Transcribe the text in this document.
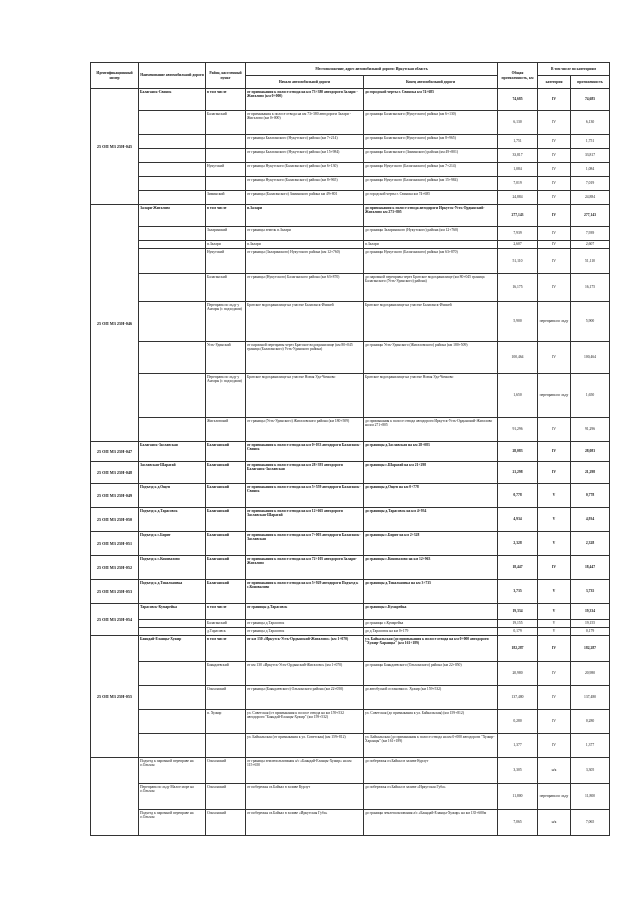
Идентификационный номер	Наименование автомобильной дороги	Район, населенный пункт	Местоположение, адрес автомобильной дороги: Иркутская область		Общая протяженность, км	В том числе по категориям	
			Начало автомобильной дороги	Конец автомобильной дороги		категория	протяженность
25 ОП МЗ 25Н-045	Балаганск-Свинск	в том числе	от примыкания к полосе отвода на км 73+380 автодороги Залари - Жигалово (км 0+000)	до городской черты г. Свинска км 74+685	74,685	IV	74,685
		Балаганский	от примыкания к полосе отвода на км 73+380 автодороги Залари - Жигалово (км 0+000)	до границы Балаганского (Нукутского) района (км 6+130)	6,130	IV	6,130
			от границы Балаганского (Нукутского) района (км 7+214)	до границы Балаганского (Нукутского) района (км 8+965)	1,751	IV	1,751
			от границы Балаганского (Нукутского) района (км 15+984)	до границы Балаганского (Зиминского) района (км 49+801)	33,817	IV	33,817
		Нукутский	от границы Нукутского (Балаганского) района (км 6+130)	до границы Нукутского (Балаганского) района (км 7+214)	1,084	IV	1,084
			от границы Нукутского (Балаганского) района (км 8+965)	до границы Нукутского (Балаганского) района (км 15+984)	7,019	IV	7,019
		Зиминский	от границы (Балаганского) Зиминского района км 49+801	до городской черты г. Свинска км 74+685	24,884	IV	24,884
25 ОП МЗ 25Н-046	Залари-Жигалово	в том числе	п.Залари	до примыкания к полосе отвода автодороги Иркутск-Усть-Ордынский-Жигалово км 273+805	277,143	IV	277,143
		Заларинский	от границы земель п.Залари	до границы Заларинского (Нукутского) района (км 12+760)	7,939	IV	7,939
		п.Залари	п.Залари	п.Залари	2,607	IV	2,607
		Нукутский	от границы (Заларинского) Нукутского района (км 12+760)	до границы Нукутского (Балаганского) района (км 63+870)	51,110	IV	51,110
		Балаганский	от границы (Нукутского) Балаганского района (км 63+870)	до паромной переправы через Братское водохранилище (км 80+045 граница Балаганского (Усть-Удинского) района)	16,175	IV	16,175
		Переправа по льду у Ангары (с подходами)	Братское водохранилище на участке Балаганск-Ичикей	Братское водохранилище на участке Балаганск-Ичикей	5,900	переправа по льду	5,900
		Усть-Удинский	от паромной переправы через Братское водохранилище (км 80+045 граница (Балаганского) Усть-Удинского района)	до границы Усть-Удинского (Жигаловского) района (км 180+509)	100,464	IV	100,464
		Переправа по льду у Ангары (с подходами)	Братское водохранилище на участке Новая Уда-Чичково	Братское водохранилище на участке Новая Уда-Чичково	1,650	переправа по льду	1,650
		Жигаловский	от границы (Усть-Удинского) Жигаловского района (км 180+509)	до примыкания к полосе отвода автодороги Иркутск-Усть-Ордынский-Жигалово на км 271+805	91,296	IV	91,296
25 ОП МЗ 25Н-047	Балаганск-Заславская	Балаганский	от примыкания к полосе отвода на км 0+033 автодороги Балаганск-Свинск	до границы д.Заславская на км 28+083	28,083	IV	28,083
25 ОП МЗ 25Н-048	Заславская-Шарагай	Балаганский	от примыкания к полосе отвода на км 28+393 автодороги Балаганск-Заславская	до границы с.Шарагай на км 21+298	21,298	IV	21,298
25 ОП МЗ 25Н-049	Подъезд к д.Ощеп	Балаганский	от примыкания к полосе отвода на км 5+559 автодороги Балаганск-Свинск	до границы д.Ощеп на км 0+778	0,778	V	0,778
25 ОП МЗ 25Н-050	Подъезд к д.Тарасовск	Балаганский	от примыкания к полосе отвода на км 12+665 автодороги Заславская-Шарагай	до границы д.Тарасовск на км 4+934	4,934	V	4,934
25 ОП МЗ 25Н-051	Подъезд к с.Бирит	Балаганский	от примыкания к полосе отвода на км 7+003 автодороги Балаганск-Заславская	до границы с.Бирит на км 2+328	2,328	V	2,328
25 ОП МЗ 25Н-052	Подъезд к с.Коновалово	Балаганский	от примыкания к полосе отвода на км 72+105 автодороги Залари-Жигалово	до границы с.Коновалово на км 12+963	18,447	IV	18,447
25 ОП МЗ 25Н-053	Подъезд к д.Тональновка	Балаганский	от примыкания к полосе отвода на км 5+929 автодороги Подъезд к с.Коновалово	до границы д.Тональновка на км 3+735	3,735	V	3,735
25 ОП МЗ 25Н-054	Тарасовск-Кумарейка	в том числе	от границы д.Тарасовск	до границы с.Кумарейка	19,334	V	19,334
		Балаганский	от границы д.Тарасовск	до границы с.Кумарейка	19,155	V	19,155
		д.Тарасовск	от границы д.Тарасовск	до д.Тарасовск на км 0+179	0,179	V	0,179
25 ОП МЗ 25Н-055	Баяндай-Еланцы-Хужир	в том числе	от км 130 «Иркутск-Усть-Ордынский-Жигалово» (км 1+070)	ул. Байкальская (до примыкания к полосе отвода на км 0+000 автодороги "Хужир-Харанцы" (км 161+189)	182,287	IV	182,287
		Баяндаевский	от км 130 «Иркутск-Усть-Ордынский-Жигалово» (км 1+070)	до границы Баяндаевского (Ольхонского) района (км 22+050)	20,980	IV	20,980
		Ольхонский	от границы (Баяндаевского) Ольхонского района (км 22+050)	до автобусной остановки п. Хужир (км 159+532)	137,480	IV	137,480
		п. Хужир	ул. Советская (от примыкания к полосе отвода на км 159+532 автодороги "Баяндай-Еланцы-Хужир" (км 159+532)	ул. Советская (до примыкания к ул. Байкальская) (км 159+812)	0,280	IV	0,280
			ул. Байкальская (от примыкания к ул. Советская) (км 159+812)	ул. Байкальская (до примыкания к полосе отвода на км 0+000 автодороги "Хужир-Харанцы" (км 161+189)	1,377	IV	1,377
	Подъезд к паромной переправе на о.Ольхон	Ольхонский	от границы землепользования а/с «Баяндай-Еланцы-Хужир» на км 115+650	до побережья оз.Байкал в заливе Курлут	3,305	н/к	3,305
	Переправа по льду Малое море на о.Ольхон	Ольхонский	от побережья оз.Байкал в заливе Курлут	до побережья оз.Байкал в заливе «Иркутская Губа»	11,800	переправа по льду	11,800
	Подъезд к паромной переправе на о.Ольхон	Ольхонский	от побережья оз.Байкал в заливе «Иркутская Губа»	до границы землепользования а/с «Баяндай-Еланцы-Хужир» на км 135+600м	7,065	н/к	7,065
